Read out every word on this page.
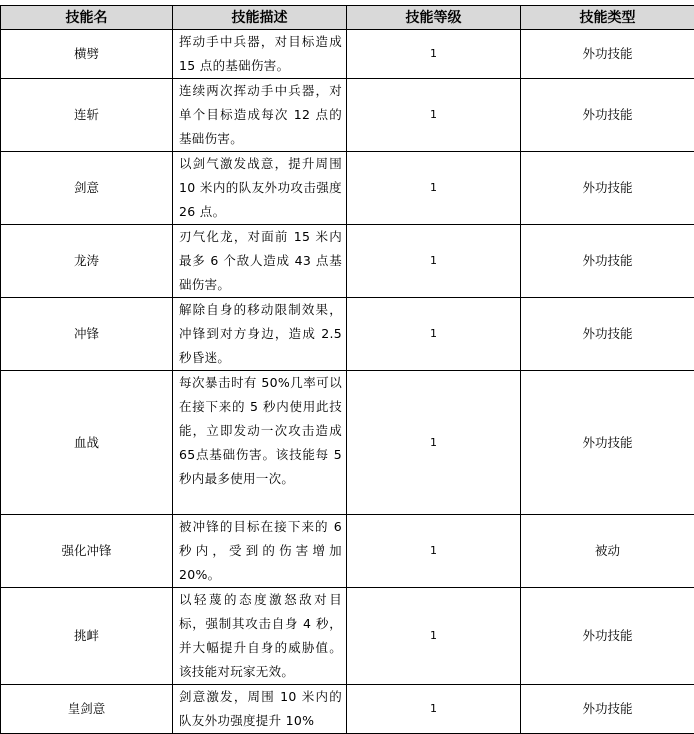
技能名	技能描述	技能等级	技能类型
横劈	挥动手中兵器，对目标造成 15 点的基础伤害。	1	外功技能
连斩	连续两次挥动手中兵器，对单个目标造成每次 12 点的基础伤害。	1	外功技能
剑意	以剑气激发战意，提升周围 10 米内的队友外功攻击强度 26 点。	1	外功技能
龙涛	刃气化龙，对面前 15 米内最多 6 个敌人造成 43 点基础伤害。	1	外功技能
冲锋	解除自身的移动限制效果，冲锋到对方身边，造成 2.5 秒昏迷。	1	外功技能
血战	每次暴击时有 50%几率可以在接下来的 5 秒内使用此技能，立即发动一次攻击造成65点基础伤害。该技能每 5 秒内最多使用一次。	1	外功技能
强化冲锋	被冲锋的目标在接下来的 6 秒内，受到的伤害增加 20%。	1	被动
挑衅	以轻蔑的态度激怒敌对目标，强制其攻击自身 4 秒，并大幅提升自身的威胁值。该技能对玩家无效。	1	外功技能
皇剑意	剑意激发，周围 10 米内的队友外功强度提升 10%	1	外功技能
